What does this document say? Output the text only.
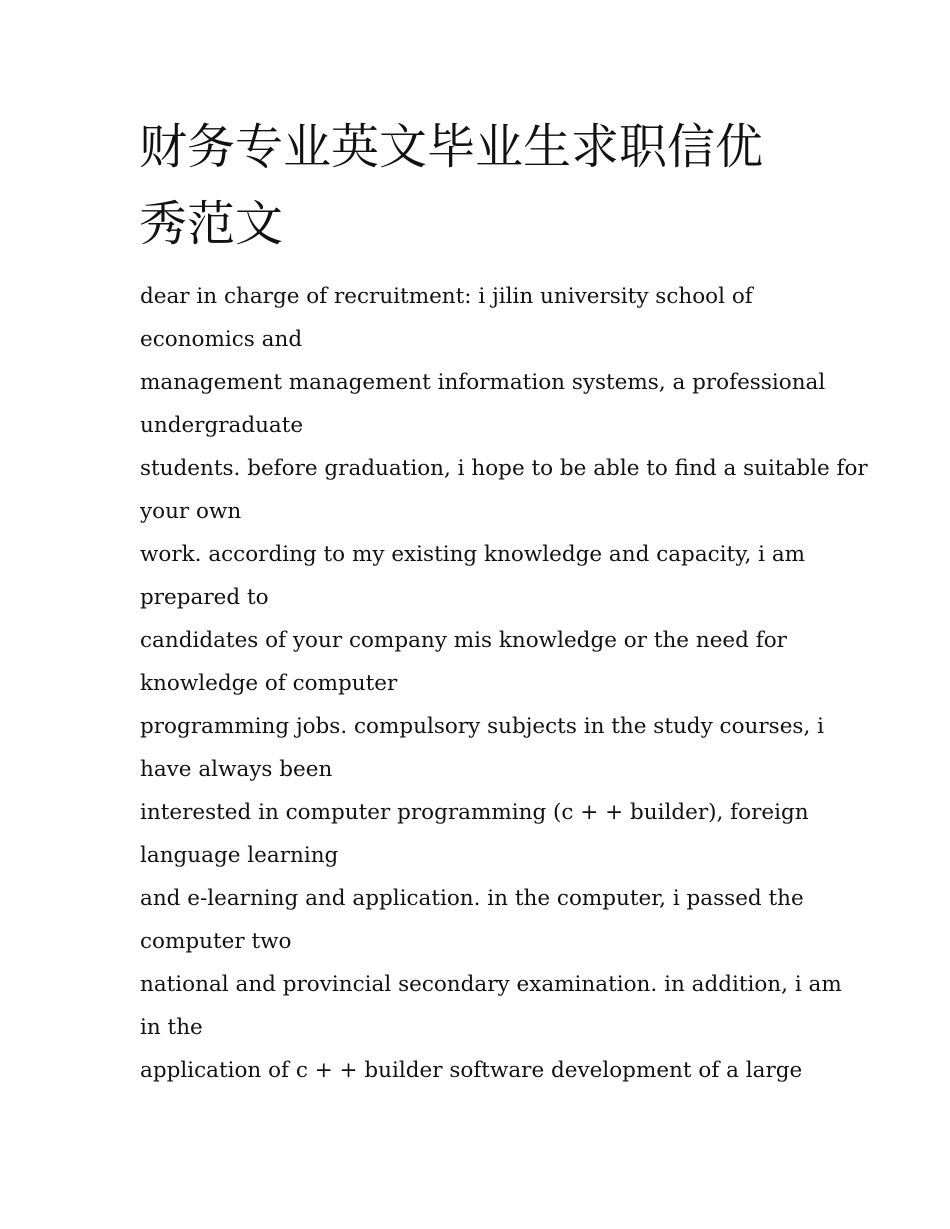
财务专业英文毕业生求职信优
秀范文
dear in charge of recruitment: i jilin university school of
economics and
management management information systems, a professional
undergraduate
students. before graduation, i hope to be able to find a suitable for
your own
work. according to my existing knowledge and capacity, i am
prepared to
candidates of your company mis knowledge or the need for
knowledge of computer
programming jobs. compulsory subjects in the study courses, i
have always been
interested in computer programming (c + + builder), foreign
language learning
and e-learning and application. in the computer, i passed the
computer two
national and provincial secondary examination. in addition, i am
in the
application of c + + builder software development of a large
